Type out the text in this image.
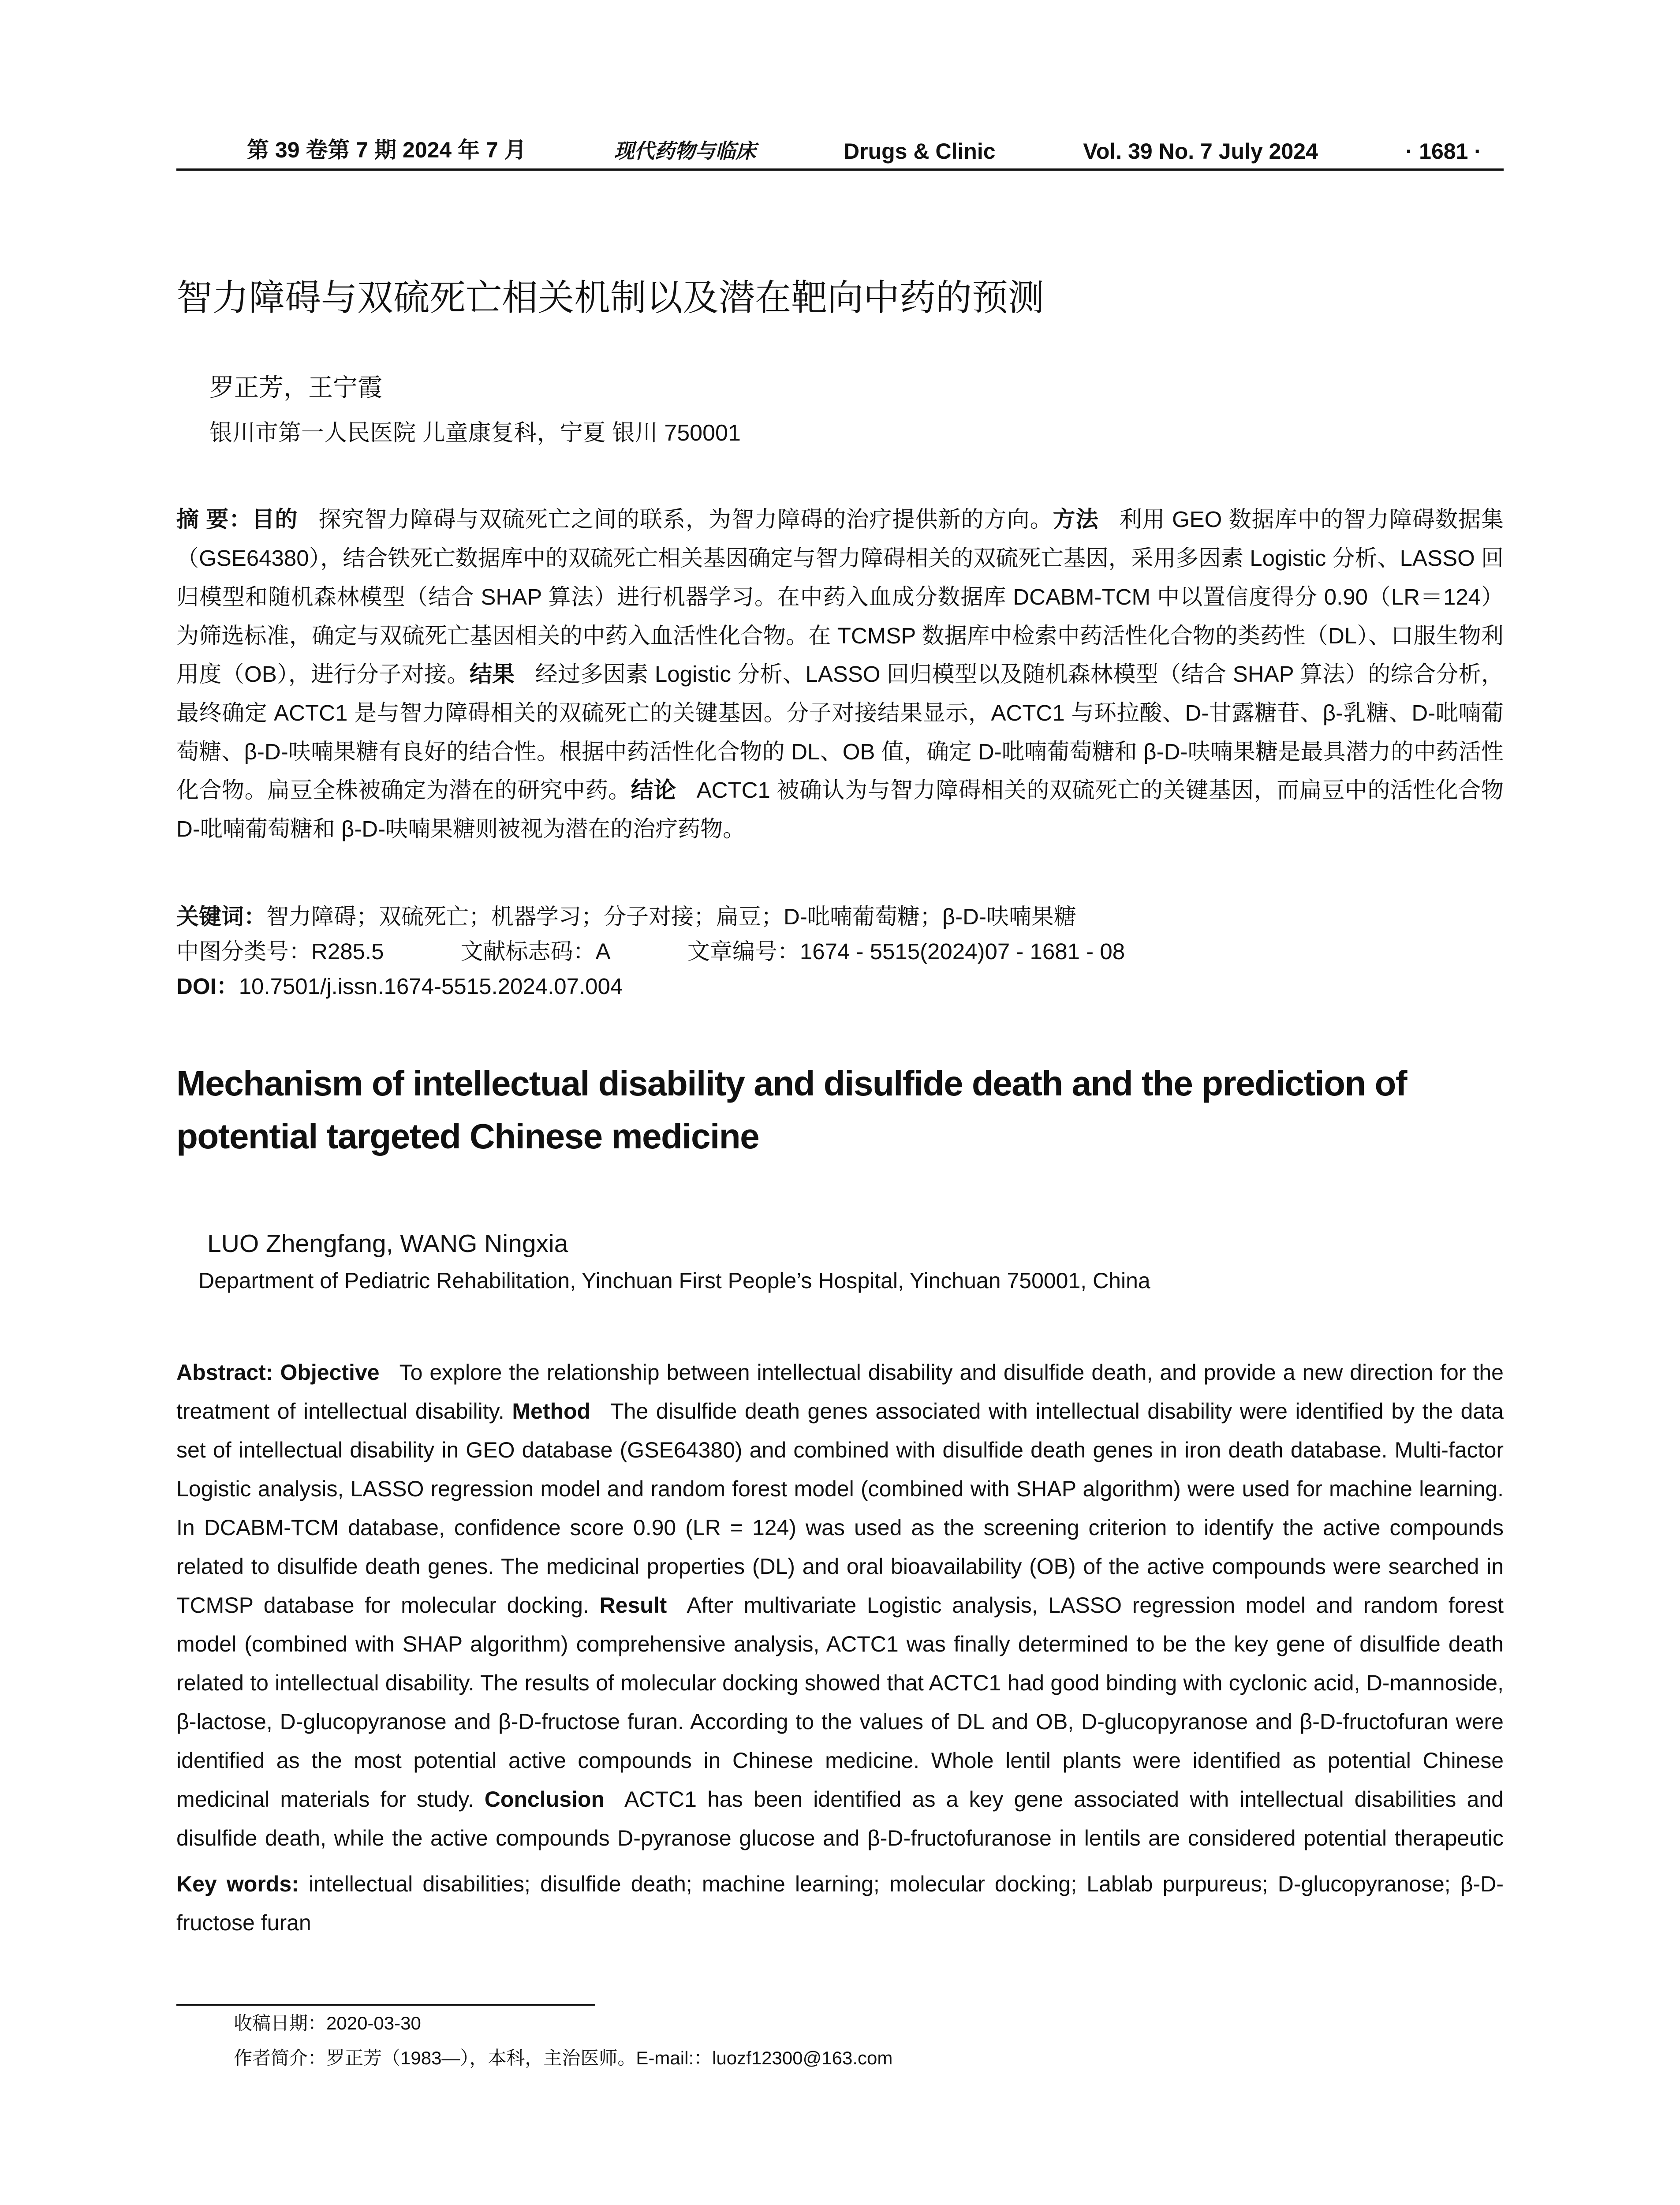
第 39 卷第 7 期 2024 年 7 月	现代药物与临床	Drugs & Clinic	Vol. 39 No. 7 July 2024	· 1681 ·
智力障碍与双硫死亡相关机制以及潜在靶向中药的预测
罗正芳，王宁霞
银川市第一人民医院 儿童康复科，宁夏 银川 750001
摘 要：目的 探究智力障碍与双硫死亡之间的联系，为智力障碍的治疗提供新的方向。方法 利用 GEO 数据库中的智力障碍数据集（GSE64380），结合铁死亡数据库中的双硫死亡相关基因确定与智力障碍相关的双硫死亡基因，采用多因素 Logistic 分析、LASSO 回归模型和随机森林模型（结合 SHAP 算法）进行机器学习。在中药入血成分数据库 DCABM-TCM 中以置信度得分 0.90（LR＝124）为筛选标准，确定与双硫死亡基因相关的中药入血活性化合物。在 TCMSP 数据库中检索中药活性化合物的类药性（DL）、口服生物利用度（OB），进行分子对接。结果 经过多因素 Logistic 分析、LASSO 回归模型以及随机森林模型（结合 SHAP 算法）的综合分析，最终确定 ACTC1 是与智力障碍相关的双硫死亡的关键基因。分子对接结果显示，ACTC1 与环拉酸、D-甘露糖苷、β-乳糖、D-吡喃葡萄糖、β-D-呋喃果糖有良好的结合性。根据中药活性化合物的 DL、OB 值，确定 D-吡喃葡萄糖和 β-D-呋喃果糖是最具潜力的中药活性化合物。扁豆全株被确定为潜在的研究中药。结论 ACTC1 被确认为与智力障碍相关的双硫死亡的关键基因，而扁豆中的活性化合物 D-吡喃葡萄糖和 β-D-呋喃果糖则被视为潜在的治疗药物。
关键词：智力障碍；双硫死亡；机器学习；分子对接；扁豆；D-吡喃葡萄糖；β-D-呋喃果糖
中图分类号：R285.5	文献标志码：A	文章编号：1674 - 5515(2024)07 - 1681 - 08
DOI：10.7501/j.issn.1674-5515.2024.07.004
Mechanism of intellectual disability and disulfide death and the prediction of potential targeted Chinese medicine
LUO Zhengfang, WANG Ningxia
Department of Pediatric Rehabilitation, Yinchuan First People’s Hospital, Yinchuan 750001, China
Abstract: Objective To explore the relationship between intellectual disability and disulfide death, and provide a new direction for the treatment of intellectual disability. Method The disulfide death genes associated with intellectual disability were identified by the data set of intellectual disability in GEO database (GSE64380) and combined with disulfide death genes in iron death database. Multi-factor Logistic analysis, LASSO regression model and random forest model (combined with SHAP algorithm) were used for machine learning. In DCABM-TCM database, confidence score 0.90 (LR = 124) was used as the screening criterion to identify the active compounds related to disulfide death genes. The medicinal properties (DL) and oral bioavailability (OB) of the active compounds were searched in TCMSP database for molecular docking. Result After multivariate Logistic analysis, LASSO regression model and random forest model (combined with SHAP algorithm) comprehensive analysis, ACTC1 was finally determined to be the key gene of disulfide death related to intellectual disability. The results of molecular docking showed that ACTC1 had good binding with cyclonic acid, D-mannoside, β-lactose, D-glucopyranose and β-D-fructose furan. According to the values of DL and OB, D-glucopyranose and β-D-fructofuran were identified as the most potential active compounds in Chinese medicine. Whole lentil plants were identified as potential Chinese medicinal materials for study. Conclusion ACTC1 has been identified as a key gene associated with intellectual disabilities and disulfide death, while the active compounds D-pyranose glucose and β-D-fructofuranose in lentils are considered potential therapeutic
Key words: intellectual disabilities; disulfide death; machine learning; molecular docking; Lablab purpureus; D-glucopyranose; β-D-fructose furan
收稿日期：2020-03-30
作者简介：罗正芳（1983—），本科，主治医师。E-mail:：luozf12300@163.com
